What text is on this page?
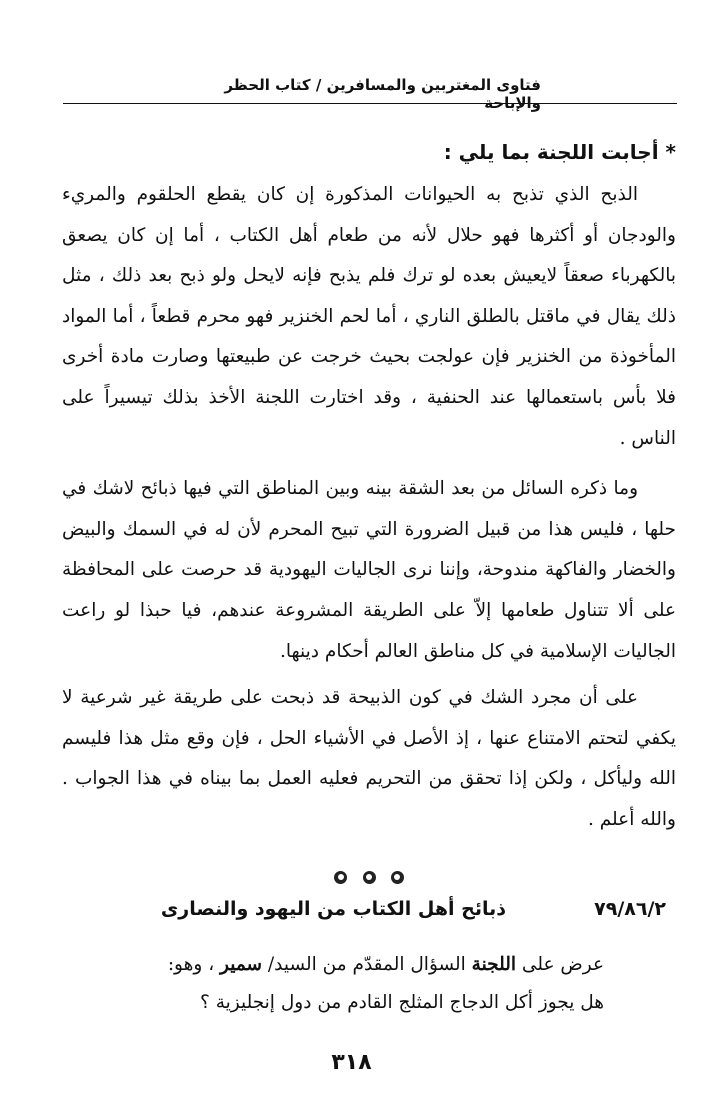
فتاوى المغتربين والمسافرين / كتاب الحظر والإباحة

* أجابت اللجنة بما يلي :

الذبح الذي تذبح به الحيوانات المذكورة إن كان يقطع الحلقوم والمريء والودجان أو أكثرها فهو حلال لأنه من طعام أهل الكتاب ، أما إن كان يصعق بالكهرباء صعقاً لايعيش بعده لو ترك فلم يذبح فإنه لايحل ولو ذبح بعد ذلك ، مثل ذلك يقال في ماقتل بالطلق الناري ، أما لحم الخنزير فهو محرم قطعاً ، أما المواد المأخوذة من الخنزير فإن عولجت بحيث خرجت عن طبيعتها وصارت مادة أخرى فلا بأس باستعمالها عند الحنفية ، وقد اختارت اللجنة الأخذ بذلك تيسيراً على الناس .

وما ذكره السائل من بعد الشقة بينه وبين المناطق التي فيها ذبائح لاشك في حلها ، فليس هذا من قبيل الضرورة التي تبيح المحرم لأن له في السمك والبيض والخضار والفاكهة مندوحة، وإننا نرى الجاليات اليهودية قد حرصت على المحافظة على ألا تتناول طعامها إلاّ على الطريقة المشروعة عندهم، فيا حبذا لو راعت الجاليات الإسلامية في كل مناطق العالم أحكام دينها.

على أن مجرد الشك في كون الذبيحة قد ذبحت على طريقة غير شرعية لا يكفي لتحتم الامتناع عنها ، إذ الأصل في الأشياء الحل ، فإن وقع مثل هذا فليسم الله وليأكل ، ولكن إذا تحقق من التحريم فعليه العمل بما بيناه في هذا الجواب . والله أعلم .

٧٩/٨٦/٢
ذبائح أهل الكتاب من اليهود والنصارى
عرض على اللجنة السؤال المقدّم من السيد/ سمير ، وهو:
هل يجوز أكل الدجاج المثلج القادم من دول إنجليزية ؟
٣١٨
